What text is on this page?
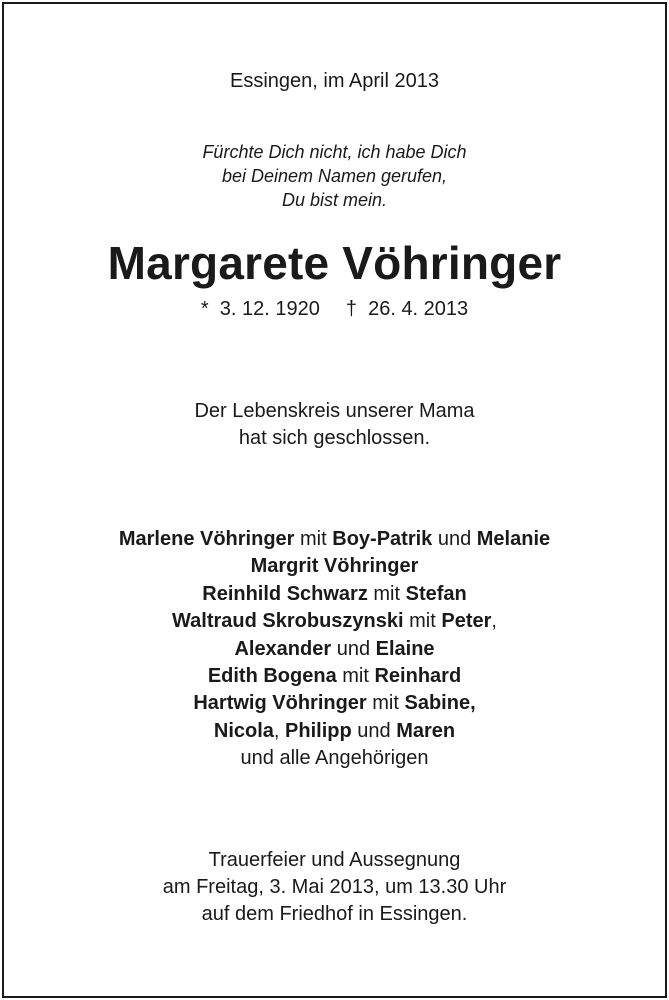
Essingen, im April 2013
Fürchte Dich nicht, ich habe Dich
bei Deinem Namen gerufen,
Du bist mein.
Margarete Vöhringer
* 3. 12. 1920 † 26. 4. 2013
Der Lebenskreis unserer Mama
hat sich geschlossen.
Marlene Vöhringer mit Boy-Patrik und Melanie
Margrit Vöhringer
Reinhild Schwarz mit Stefan
Waltraud Skrobuszynski mit Peter,
Alexander und Elaine
Edith Bogena mit Reinhard
Hartwig Vöhringer mit Sabine,
Nicola, Philipp und Maren
und alle Angehörigen
Trauerfeier und Aussegnung
am Freitag, 3. Mai 2013, um 13.30 Uhr
auf dem Friedhof in Essingen.
